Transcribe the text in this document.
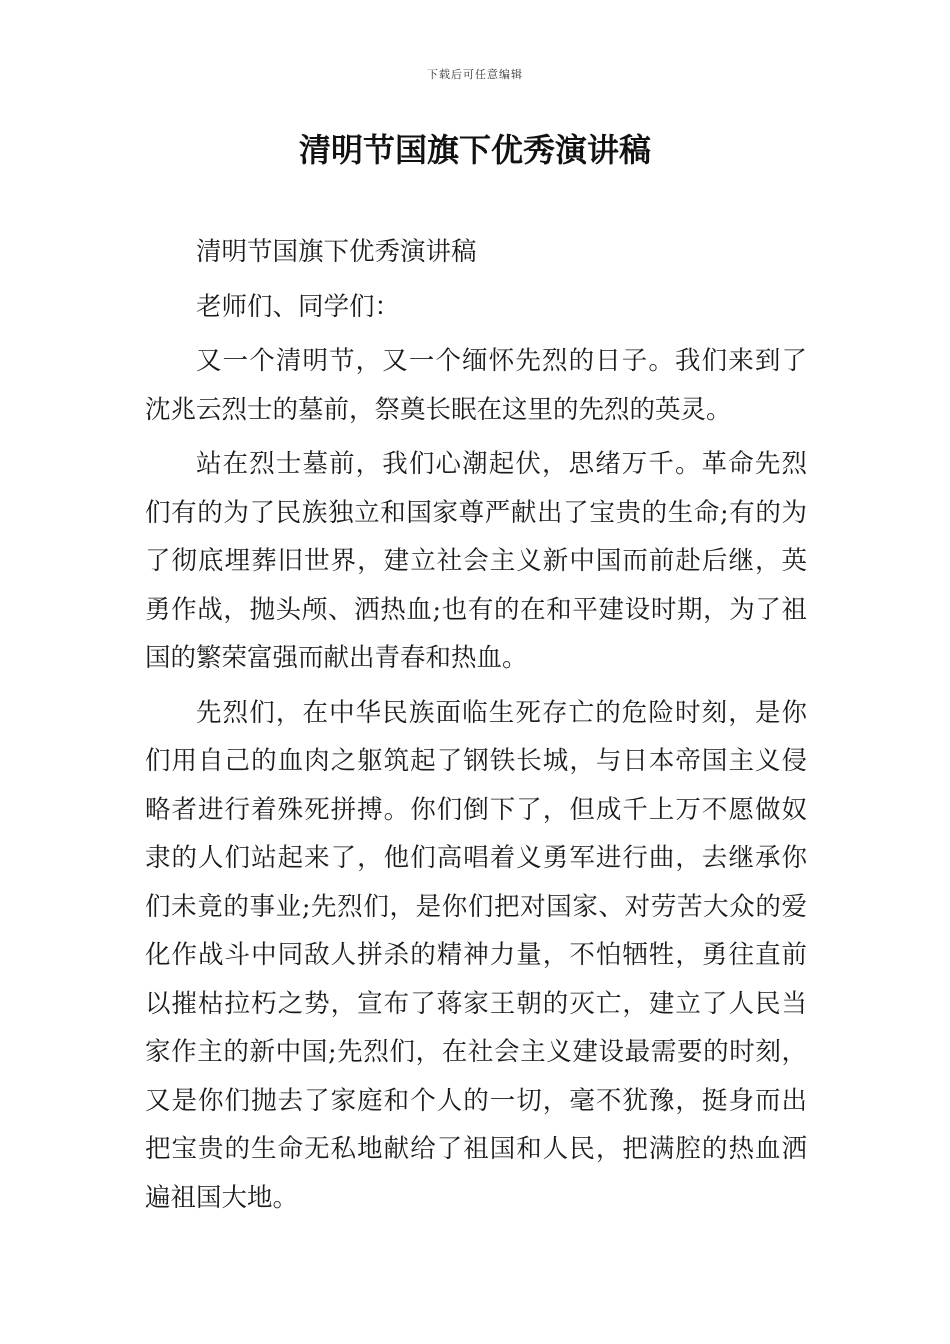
下载后可任意编辑
清明节国旗下优秀演讲稿

清明节国旗下优秀演讲稿

老师们、同学们：

又一个清明节，又一个缅怀先烈的日子。我们来到了沈兆云烈士的墓前，祭奠长眠在这里的先烈的英灵。

站在烈士墓前，我们心潮起伏，思绪万千。革命先烈们有的为了民族独立和国家尊严献出了宝贵的生命;有的为了彻底埋葬旧世界，建立社会主义新中国而前赴后继，英勇作战，抛头颅、洒热血;也有的在和平建设时期，为了祖国的繁荣富强而献出青春和热血。

先烈们，在中华民族面临生死存亡的危险时刻，是你们用自己的血肉之躯筑起了钢铁长城，与日本帝国主义侵略者进行着殊死拼搏。你们倒下了，但成千上万不愿做奴隶的人们站起来了，他们高唱着义勇军进行曲，去继承你们未竟的事业;先烈们，是你们把对国家、对劳苦大众的爱化作战斗中同敌人拼杀的精神力量，不怕牺牲，勇往直前以摧枯拉朽之势，宣布了蒋家王朝的灭亡，建立了人民当家作主的新中国;先烈们，在社会主义建设最需要的时刻，又是你们抛去了家庭和个人的一切，毫不犹豫，挺身而出把宝贵的生命无私地献给了祖国和人民，把满腔的热血洒遍祖国大地。
